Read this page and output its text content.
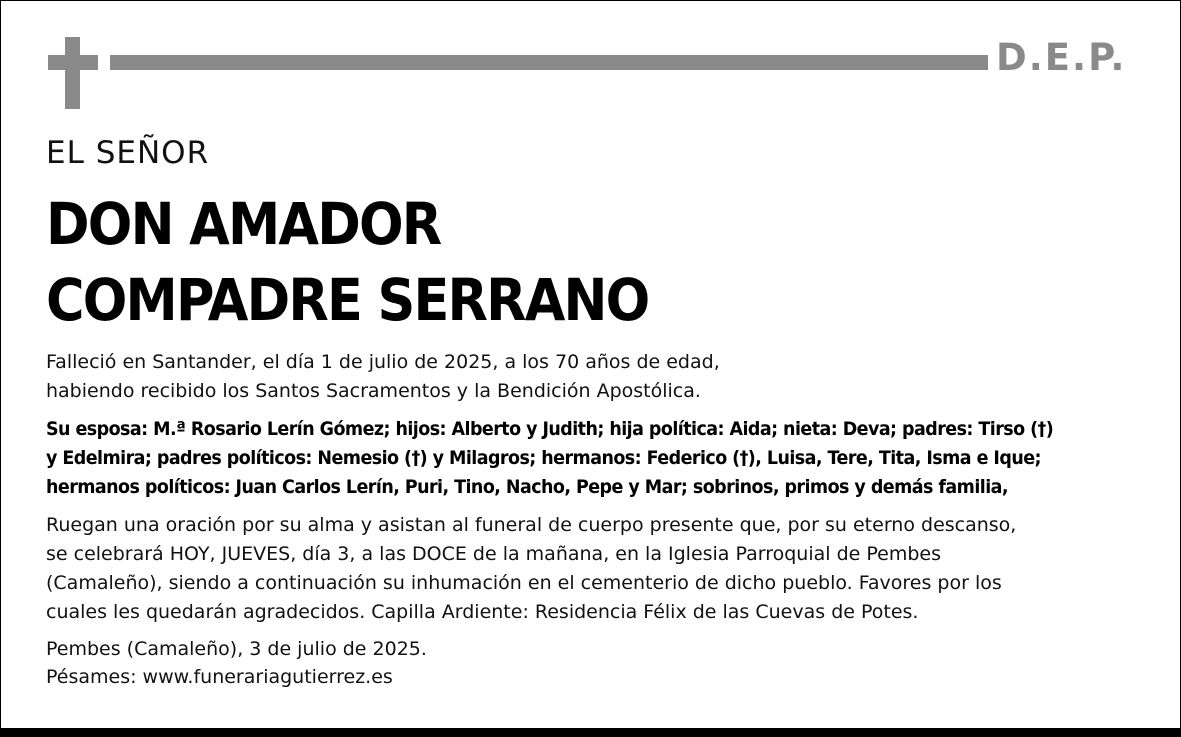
D.E.P.
EL SEÑOR
DON AMADOR
COMPADRE SERRANO
Falleció en Santander, el día 1 de julio de 2025, a los 70 años de edad,
habiendo recibido los Santos Sacramentos y la Bendición Apostólica.
Su esposa: M.ª Rosario Lerín Gómez; hijos: Alberto y Judith; hija política: Aida; nieta: Deva; padres: Tirso (†)
y Edelmira; padres políticos: Nemesio (†) y Milagros; hermanos: Federico (†), Luisa, Tere, Tita, Isma e Ique;
hermanos políticos: Juan Carlos Lerín, Puri, Tino, Nacho, Pepe y Mar; sobrinos, primos y demás familia,
Ruegan una oración por su alma y asistan al funeral de cuerpo presente que, por su eterno descanso,
se celebrará HOY, JUEVES, día 3, a las DOCE de la mañana, en la Iglesia Parroquial de Pembes
(Camaleño), siendo a continuación su inhumación en el cementerio de dicho pueblo. Favores por los
cuales les quedarán agradecidos. Capilla Ardiente: Residencia Félix de las Cuevas de Potes.
Pembes (Camaleño), 3 de julio de 2025.
Pésames: www.funerariagutierrez.es
